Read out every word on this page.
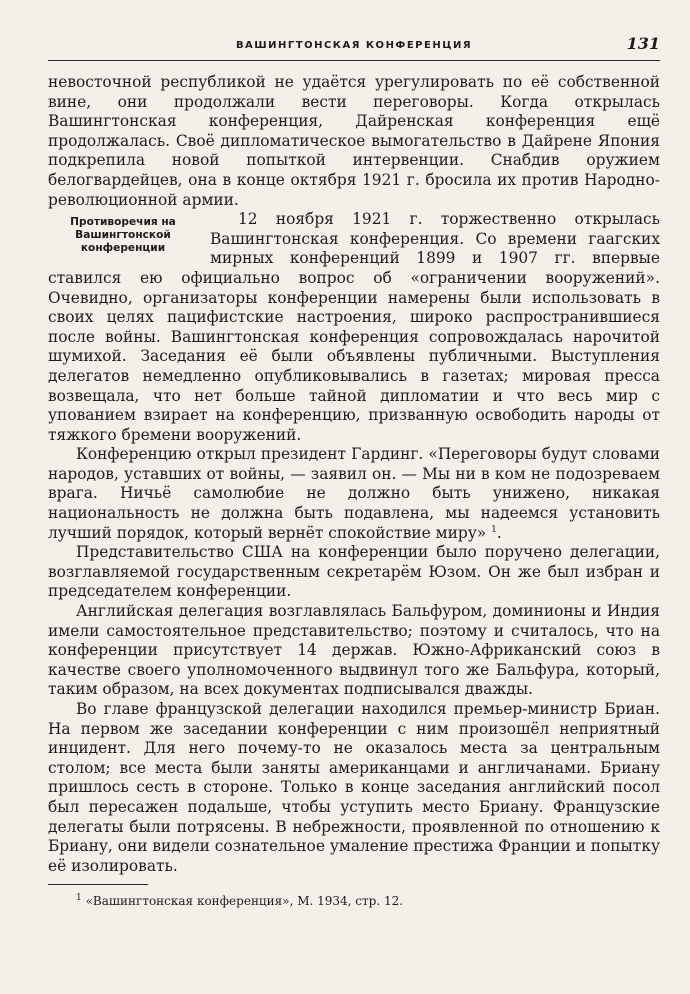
ВАШИНГТОНСКАЯ КОНФЕРЕНЦИЯ	131

невосточной республикой не удаётся урегулировать по её собственной вине, они продолжали вести переговоры. Когда открылась Вашингтонская конференция, Дайренская конференция ещё продолжалась. Своё дипломатическое вымогательство в Дайрене Япония подкрепила новой попыткой интервенции. Снабдив оружием белогвардейцев, она в конце октября 1921 г. бросила их против Народно-революционной армии.

Противоречия на Вашингтонской конференции

12 ноября 1921 г. торжественно открылась Вашингтонская конференция. Со времени гаагских мирных конференций 1899 и 1907 гг. впервые ставился ею официально вопрос об «ограничении вооружений». Очевидно, организаторы конференции намерены были использовать в своих целях пацифистские настроения, широко распространившиеся после войны. Вашингтонская конференция сопровождалась нарочитой шумихой. Заседания её были объявлены публичными. Выступления делегатов немедленно опубликовывались в газетах; мировая пресса возвещала, что нет больше тайной дипломатии и что весь мир с упованием взирает на конференцию, призванную освободить народы от тяжкого бремени вооружений.

Конференцию открыл президент Гардинг. «Переговоры будут словами народов, уставших от войны, — заявил он. — Мы ни в ком не подозреваем врага. Ничьё самолюбие не должно быть унижено, никакая национальность не должна быть подавлена, мы надеемся установить лучший порядок, который вернёт спокойствие миру» $^1$.

Представительство США на конференции было поручено делегации, возглавляемой государственным секретарём Юзом. Он же был избран и председателем конференции.

Английская делегация возглавлялась Бальфуром, доминионы и Индия имели самостоятельное представительство; поэтому и считалось, что на конференции присутствует 14 держав. Южно-Африканский союз в качестве своего уполномоченного выдвинул того же Бальфура, который, таким образом, на всех документах подписывался дважды.

Во главе французской делегации находился премьер-министр Бриан. На первом же заседании конференции с ним произошёл неприятный инцидент. Для него почему-то не оказалось места за центральным столом; все места были заняты американцами и англичанами. Бриану пришлось сесть в стороне. Только в конце заседания английский посол был пересажен подальше, чтобы уступить место Бриану. Французские делегаты были потрясены. В небрежности, проявленной по отношению к Бриану, они видели сознательное умаление престижа Франции и попытку её изолировать.

$^1$ «Вашингтонская конференция», М. 1934, стр. 12.
